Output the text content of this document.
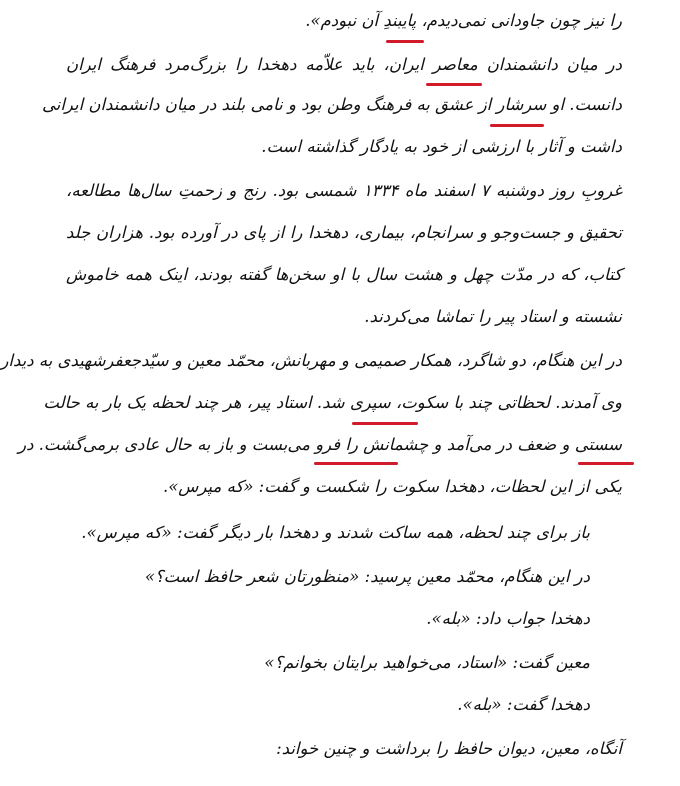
را نیز چون جاودانی نمی‌دیدم، پایبندِ آن نبودم».
در میان دانشمندان معاصر ایران، باید علاّمه دهخدا را بزرگ‌مرد فرهنگ ایران
دانست. او سرشار از عشق به فرهنگ وطن بود و نامی بلند در میان دانشمندان ایرانی
داشت و آثار با ارزشی از خود به یادگار گذاشته است.
غروبِ روز دوشنبه ۷ اسفند ماه ۱۳۳۴ شمسی بود. رنج و زحمتِ سال‌ها مطالعه،
تحقیق و جست‌وجو و سرانجام، بیماری، دهخدا را از پای در آورده بود. هزاران جلد
کتاب، که در مدّت چهل و هشت سال با او سخن‌ها گفته بودند، اینک همه خاموش
نشسته و استاد پیر را تماشا می‌کردند.
در این هنگام، دو شاگرد، همکار صمیمی و مهربانش، محمّد معین و سیّدجعفرشهیدی به دیدار
وی آمدند. لحظاتی چند با سکوت، سپری شد. استاد پیر، هر چند لحظه یک بار به حالت
سستی و ضعف در می‌آمد و چشمانش را فرو می‌بست و باز به حال عادی برمی‌گشت. در
یکی از این لحظات، دهخدا سکوت را شکست و گفت: «که مپرس».
باز برای چند لحظه، همه ساکت شدند و دهخدا بار دیگر گفت: «که مپرس».
در این هنگام، محمّد معین پرسید: «منظورتان شعر حافظ است؟»
دهخدا جواب داد: «بله».
معین گفت: «استاد، می‌خواهید برایتان بخوانم؟»
دهخدا گفت: «بله».
آنگاه، معین، دیوان حافظ را برداشت و چنین خواند:
